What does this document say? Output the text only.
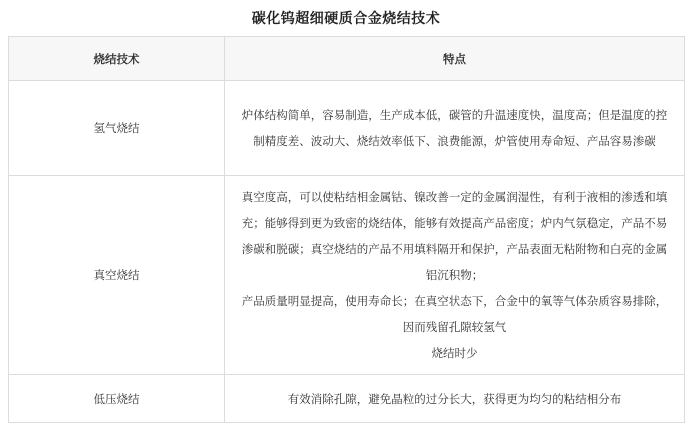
碳化钨超细硬质合金烧结技术
烧结技术	特点
氢气烧结	炉体结构简单，容易制造，生产成本低，碳管的升温速度快，温度高；但是温度的控制精度差、波动大、烧结效率低下、浪费能源，炉管使用寿命短、产品容易渗碳

真空烧结	真空度高，可以使粘结相金属钴、镍改善一定的金属润湿性，有利于液相的渗透和填充；能够得到更为致密的烧结体，能够有效提高产品密度；炉内气氛稳定，产品不易渗碳和脱碳；真空烧结的产品不用填料隔开和保护，产品表面无粘附物和白亮的金属铝沉积物；
产品质量明显提高，使用寿命长；在真空状态下，合金中的氧等气体杂质容易排除，因而残留孔隙较氢气
烧结时少

低压烧结	有效消除孔隙，避免晶粒的过分长大，获得更为均匀的粘结相分布
